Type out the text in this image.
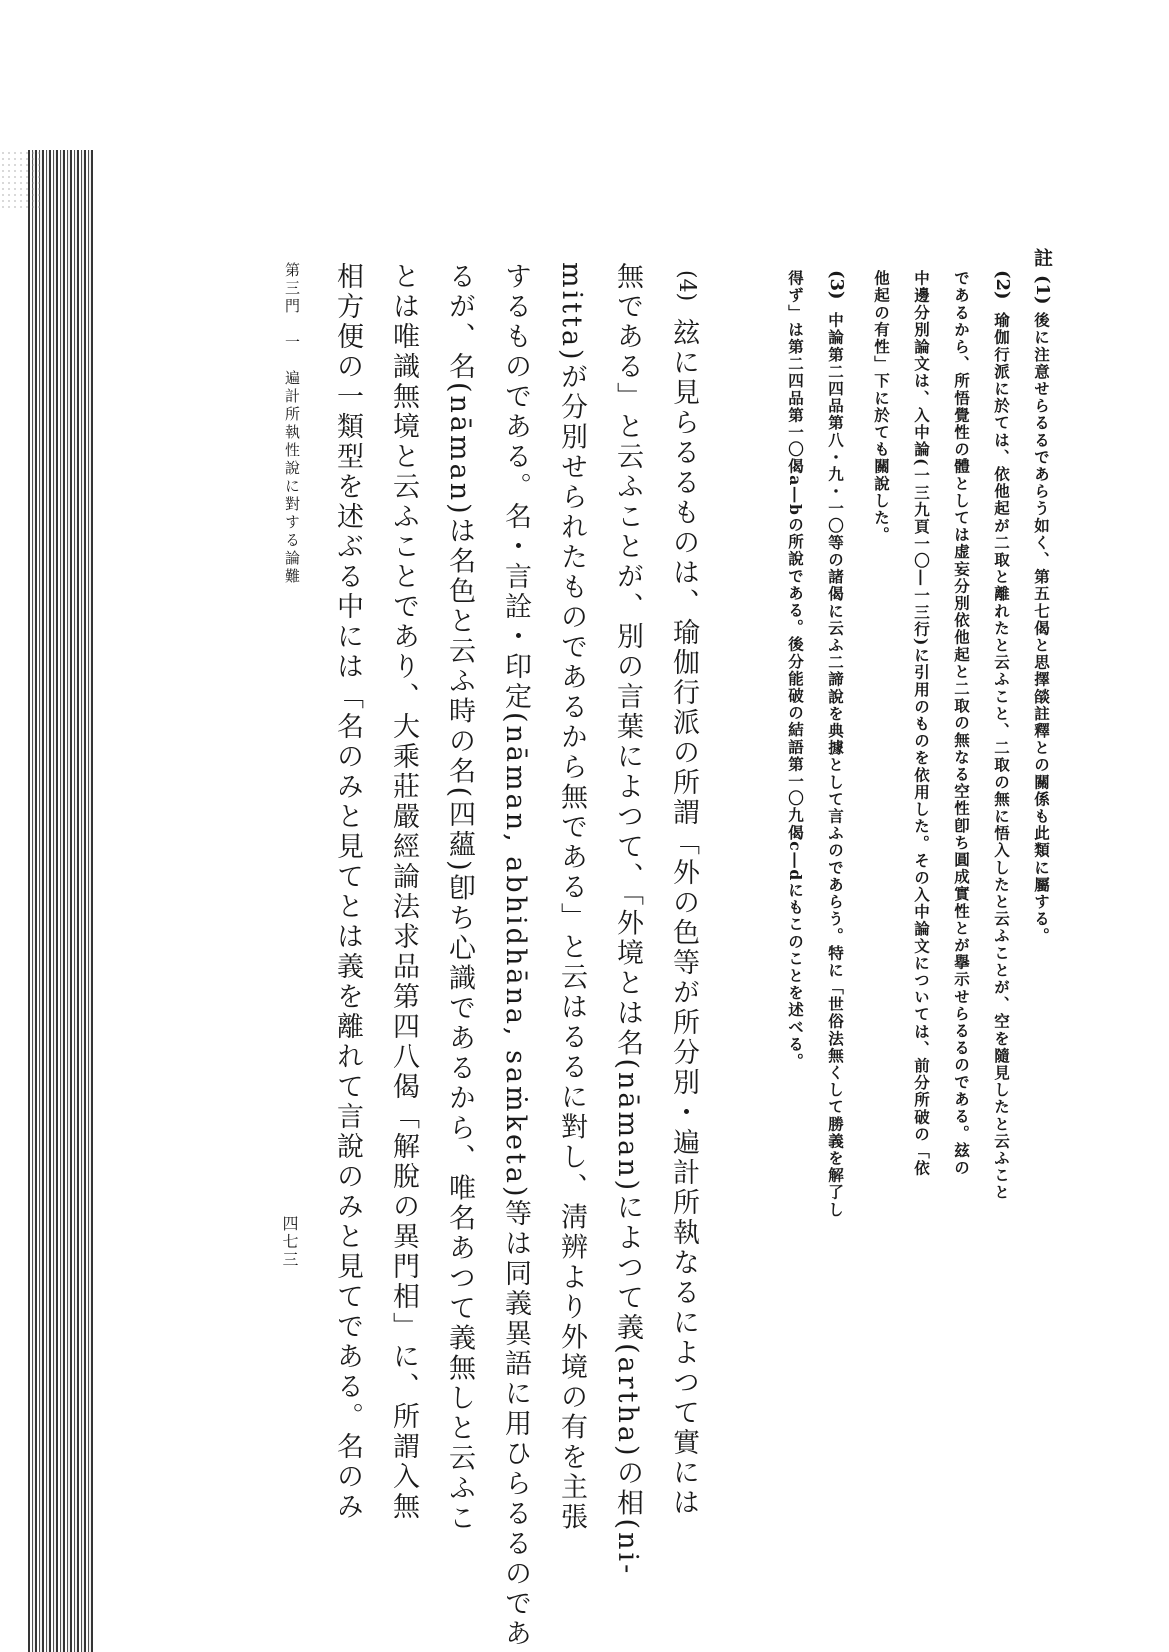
註
(1)
後に注意せらるるであらう如く、第五七偈と思擇燄註釋との關係も此類に屬する。
(2)
瑜伽行派に於ては、依他起が二取と離れたと云ふこと、二取の無に悟入したと云ふことが、空を隨見したと云ふこと
であるから、所悟覺性の體としては虚妄分別依他起と二取の無なる空性卽ち圓成實性とが擧示せらるるのである。玆の
中邊分別論文は、入中論(一三九頁一〇―一三行)に引用のものを依用した。その入中論文については、前分所破の「依
他起の有性」下に於ても關說した。
(3)
中論第二四品第八・九・一〇等の諸偈に云ふ二諦說を典據として言ふのであらう。特に「世俗法無くして勝義を解了し
得ず」は第二四品第一〇偈a―bの所說である。後分能破の結語第一〇九偈c―dにもこのことを述べる。
(4)
玆に見らるるものは、瑜伽行派の所謂「外の色等が所分別・遍計所執なるによつて實には
無である」と云ふことが、別の言葉によつて、「外境とは名(nāman)によつて義(artha)の相(ni-
mitta)が分別せられたものであるから無である」と云はるるに對し、淸辨より外境の有を主張
するものである。名・言詮・印定(nāman, abhidhāna, saṁketa)等は同義異語に用ひらるるのであ
るが、名(nāman)は名色と云ふ時の名(四蘊)卽ち心識であるから、唯名あつて義無しと云ふこ
とは唯識無境と云ふことであり、大乘莊嚴經論法求品第四八偈「解脫の異門相」に、所謂入無
相方便の一類型を述ぶる中には「名のみと見てとは義を離れて言說のみと見てである。名のみ
第三門　一　遍計所執性說に對する論難
四七三
